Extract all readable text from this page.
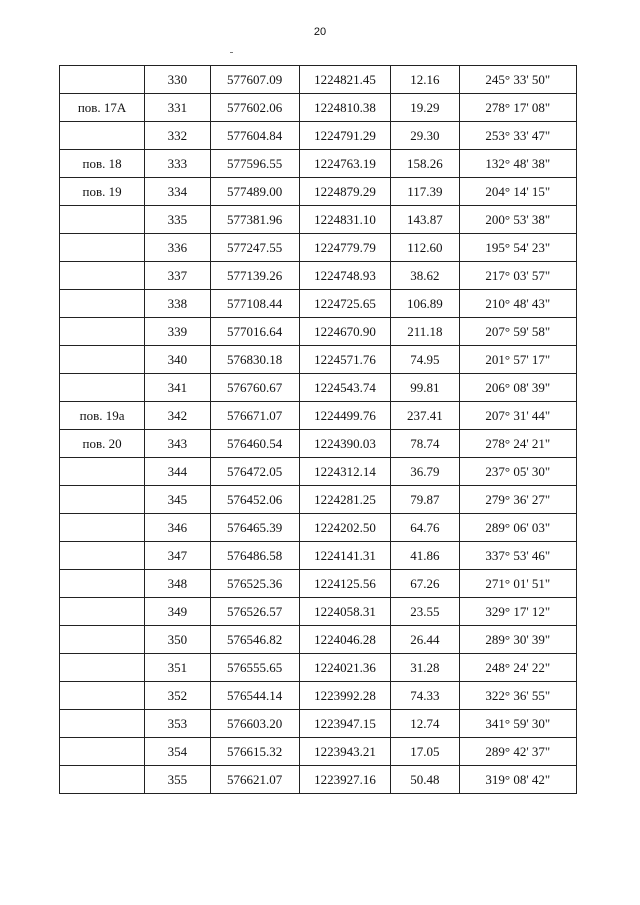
20
	330	577607.09	1224821.45	12.16	245° 33' 50"
пов. 17А	331	577602.06	1224810.38	19.29	278° 17' 08"
	332	577604.84	1224791.29	29.30	253° 33' 47"
пов. 18	333	577596.55	1224763.19	158.26	132° 48' 38"
пов. 19	334	577489.00	1224879.29	117.39	204° 14' 15"
	335	577381.96	1224831.10	143.87	200° 53' 38"
	336	577247.55	1224779.79	112.60	195° 54' 23"
	337	577139.26	1224748.93	38.62	217° 03' 57"
	338	577108.44	1224725.65	106.89	210° 48' 43"
	339	577016.64	1224670.90	211.18	207° 59' 58"
	340	576830.18	1224571.76	74.95	201° 57' 17"
	341	576760.67	1224543.74	99.81	206° 08' 39"
пов. 19а	342	576671.07	1224499.76	237.41	207° 31' 44"
пов. 20	343	576460.54	1224390.03	78.74	278° 24' 21"
	344	576472.05	1224312.14	36.79	237° 05' 30"
	345	576452.06	1224281.25	79.87	279° 36' 27"
	346	576465.39	1224202.50	64.76	289° 06' 03"
	347	576486.58	1224141.31	41.86	337° 53' 46"
	348	576525.36	1224125.56	67.26	271° 01' 51"
	349	576526.57	1224058.31	23.55	329° 17' 12"
	350	576546.82	1224046.28	26.44	289° 30' 39"
	351	576555.65	1224021.36	31.28	248° 24' 22"
	352	576544.14	1223992.28	74.33	322° 36' 55"
	353	576603.20	1223947.15	12.74	341° 59' 30"
	354	576615.32	1223943.21	17.05	289° 42' 37"
	355	576621.07	1223927.16	50.48	319° 08' 42"
